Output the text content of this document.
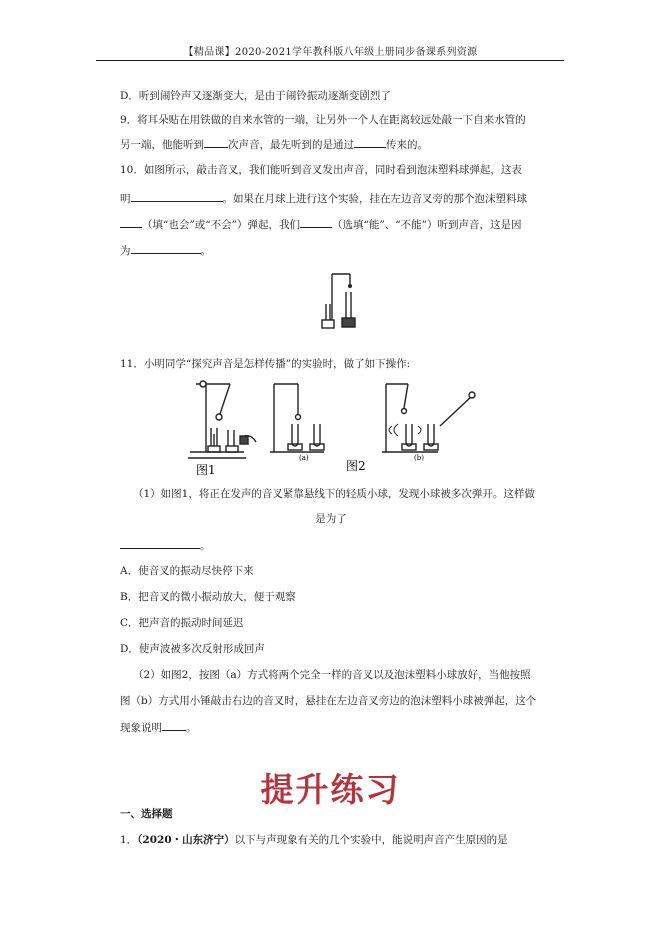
【精品课】2020-2021学年教科版八年级上册同步备课系列资源
D．听到闹铃声又逐渐变大，是由于闹铃振动逐渐变剧烈了
9．将耳朵贴在用铁做的自来水管的一端，让另外一个人在距离较远处敲一下自来水管的
另一端，他能听到 次声音，最先听到的是通过	传来的。
10．如图所示，敲击音叉，我们能听到音叉发出声音，同时看到泡沫塑料球弹起，这表
明	。如果在月球上进行这个实验，挂在左边音叉旁的那个泡沫塑料球
（填“也会”或“不会”）弹起，我们	（选填“能”、“不能”）听到声音，这是因
为	。
11．小明同学“探究声音是怎样传播”的实验时，做了如下操作:
图1
(a)	(b)
图2
（1）如图1，将正在发声的音叉紧靠悬线下的轻质小球，发现小球被多次弹开。这样做
是为了
。
A．使音叉的振动尽快停下来
B．把音叉的微小振动放大，便于观察
C．把声音的振动时间延迟
D．使声波被多次反射形成回声
（2）如图2，按图（a）方式将两个完全一样的音叉以及泡沫塑料小球放好，当他按照
图（b）方式用小锤敲击右边的音叉时，悬挂在左边音叉旁边的泡沫塑料小球被弹起，这个
现象说明 。
提升练习
一、选择题
1．（2020・山东济宁）以下与声现象有关的几个实验中，能说明声音产生原因的是
